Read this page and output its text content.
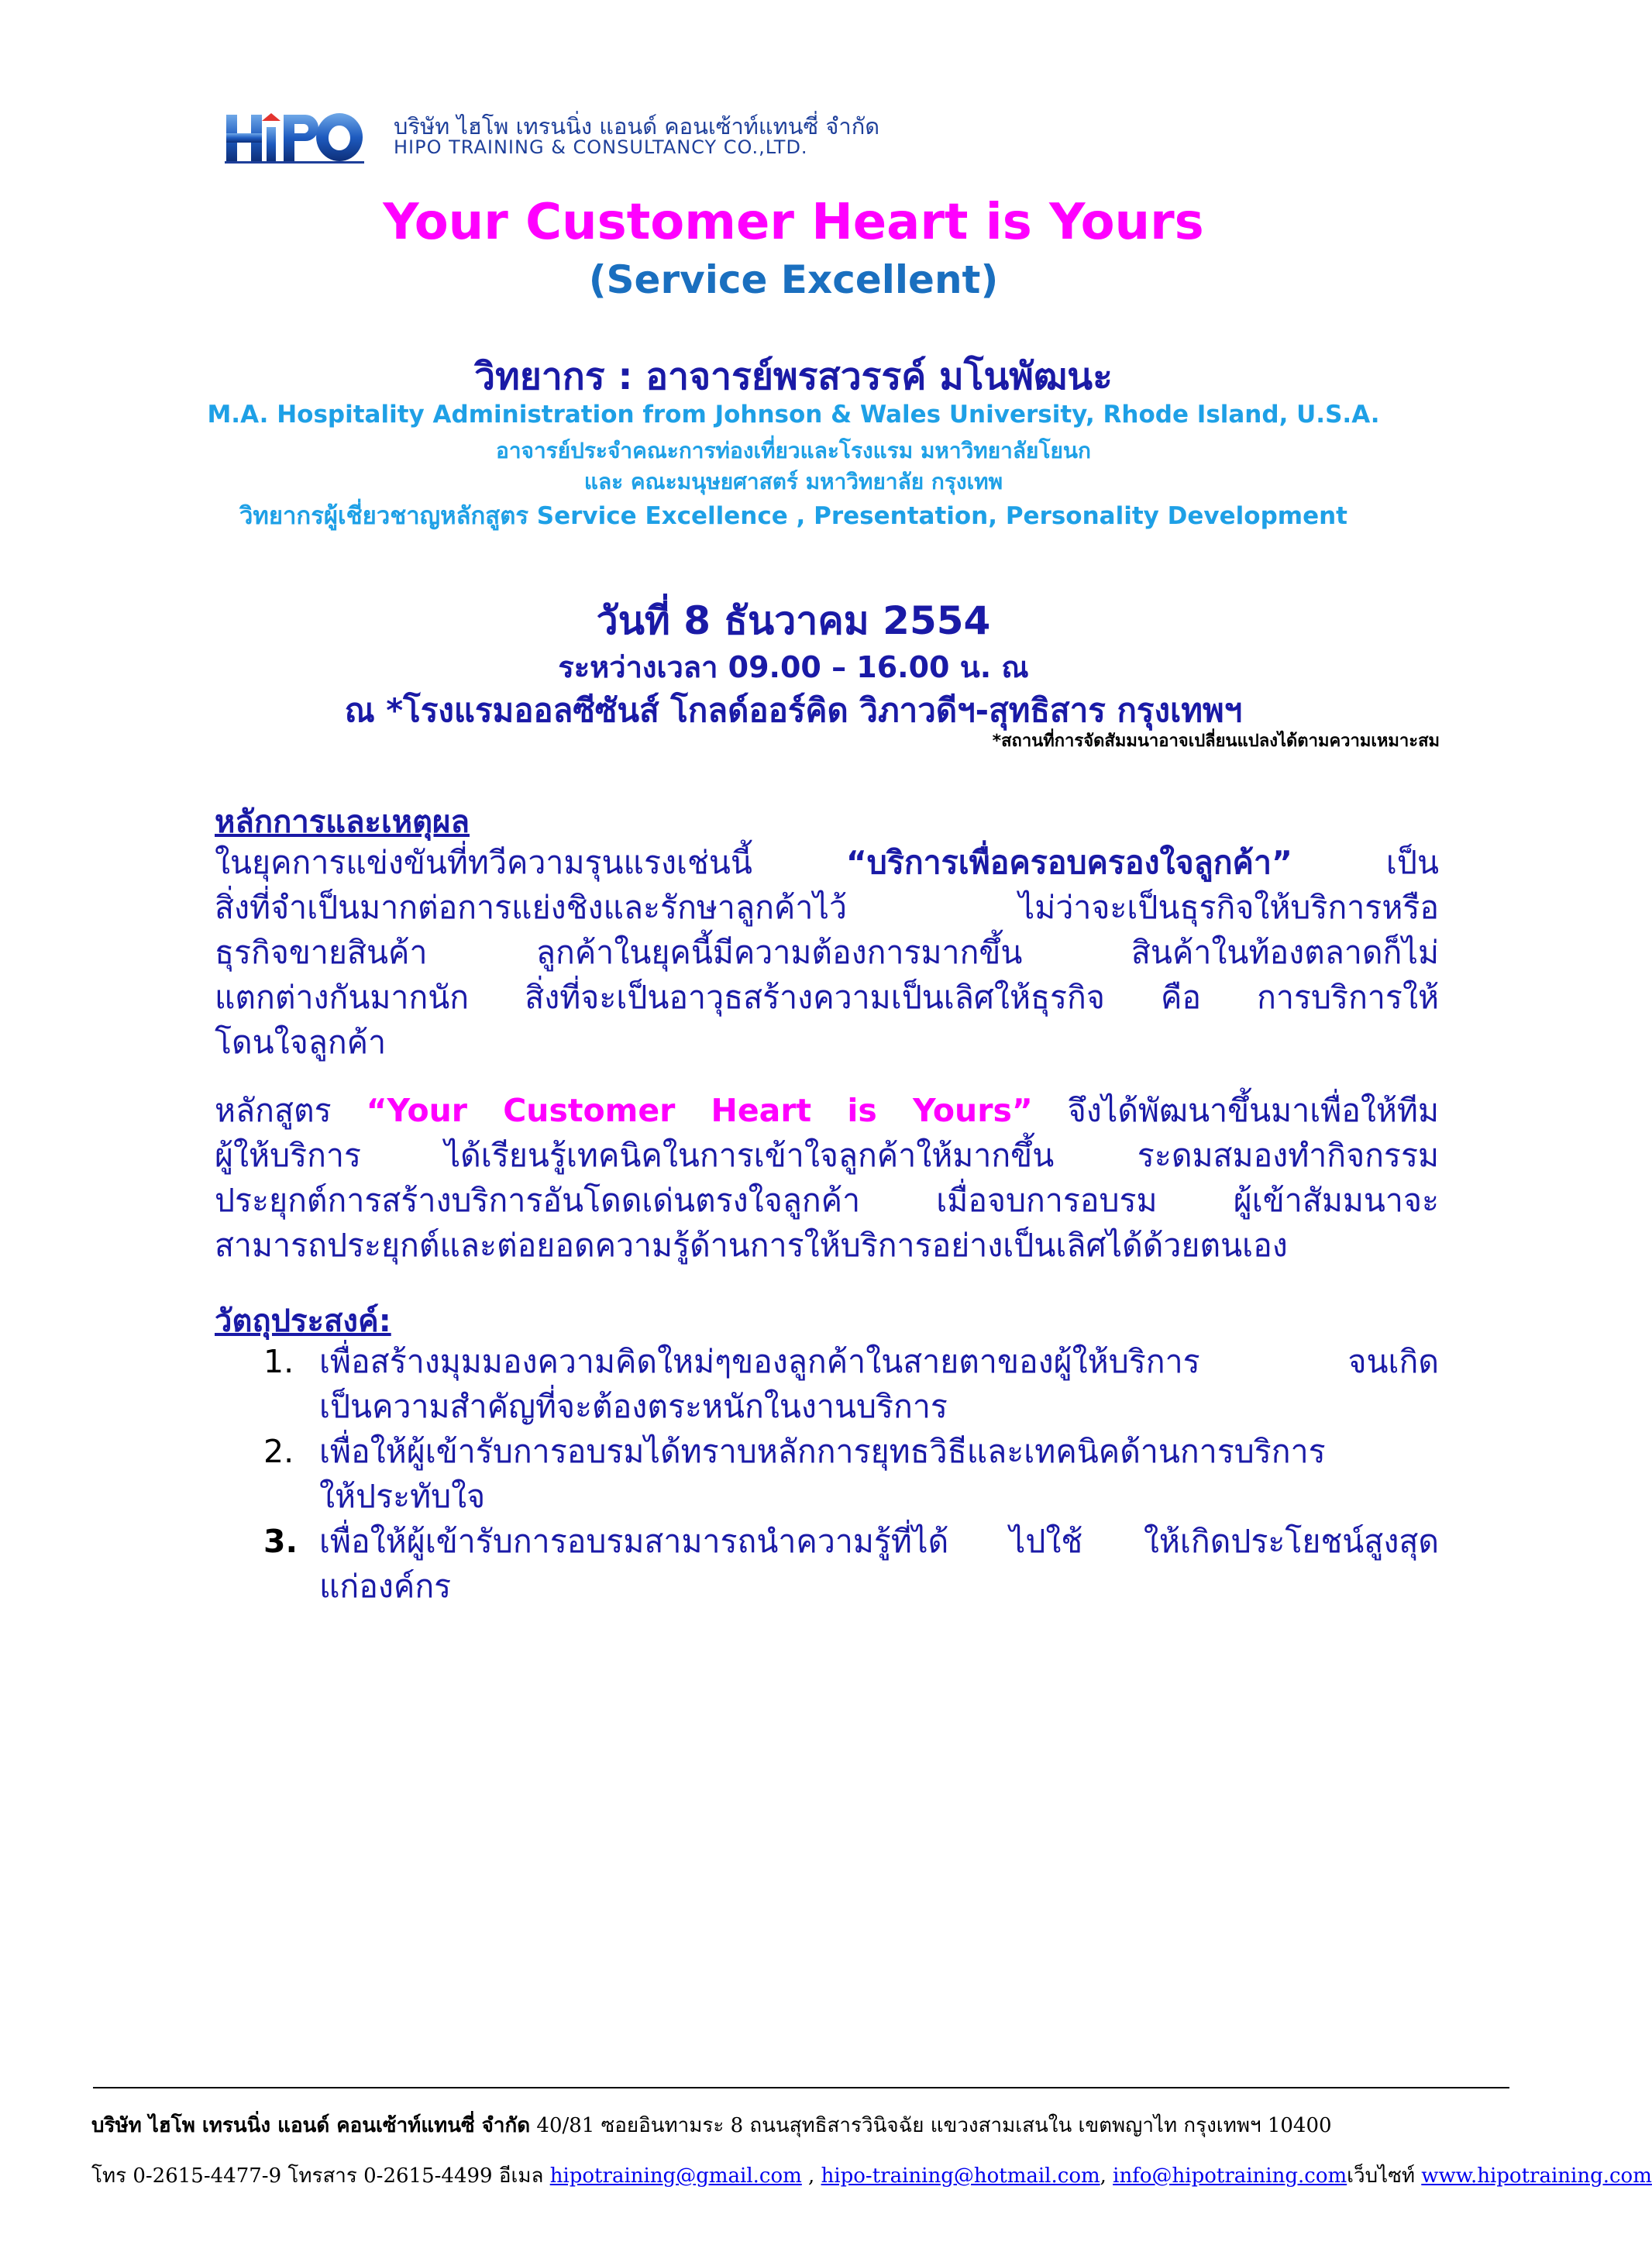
บริษัท ไฮโพ เทรนนิ่ง แอนด์ คอนเซ้าท์แทนซี่ จำกัด
HIPO TRAINING & CONSULTANCY CO.,LTD.
Your Customer Heart is Yours
(Service Excellent)
วิทยากร : อาจารย์พรสวรรค์ มโนพัฒนะ
M.A. Hospitality Administration from Johnson & Wales University, Rhode Island, U.S.A.
อาจารย์ประจำคณะการท่องเที่ยวและโรงแรม มหาวิทยาลัยโยนก
และ คณะมนุษยศาสตร์ มหาวิทยาลัย กรุงเทพ
วิทยากรผู้เชี่ยวชาญหลักสูตร Service Excellence , Presentation, Personality Development
วันที่ 8 ธันวาคม 2554
ระหว่างเวลา 09.00 – 16.00 น. ณ
ณ *โรงแรมออลซีซันส์ โกลด์ออร์คิด วิภาวดีฯ-สุทธิสาร กรุงเทพฯ
*สถานที่การจัดสัมมนาอาจเปลี่ยนแปลงได้ตามความเหมาะสม
หลักการและเหตุผล
ในยุคการแข่งขันที่ทวีความรุนแรงเช่นนี้ “บริการเพื่อครอบครองใจลูกค้า” เป็น
สิ่งที่จำเป็นมากต่อการแย่งชิงและรักษาลูกค้าไว้ ไม่ว่าจะเป็นธุรกิจให้บริการหรือ
ธุรกิจขายสินค้า ลูกค้าในยุคนี้มีความต้องการมากขึ้น สินค้าในท้องตลาดก็ไม่
แตกต่างกันมากนัก สิ่งที่จะเป็นอาวุธสร้างความเป็นเลิศให้ธุรกิจ คือ การบริการให้
โดนใจลูกค้า
หลักสูตร “Your Customer Heart is Yours” จึงได้พัฒนาขึ้นมาเพื่อให้ทีม
ผู้ให้บริการ ได้เรียนรู้เทคนิคในการเข้าใจลูกค้าให้มากขึ้น ระดมสมองทำกิจกรรม
ประยุกต์การสร้างบริการอันโดดเด่นตรงใจลูกค้า เมื่อจบการอบรม ผู้เข้าสัมมนาจะ
สามารถประยุกต์และต่อยอดความรู้ด้านการให้บริการอย่างเป็นเลิศได้ด้วยตนเอง
วัตถุประสงค์:
1. เพื่อสร้างมุมมองความคิดใหม่ๆของลูกค้าในสายตาของผู้ให้บริการ จนเกิด
เป็นความสำคัญที่จะต้องตระหนักในงานบริการ
2. เพื่อให้ผู้เข้ารับการอบรมได้ทราบหลักการยุทธวิธีและเทคนิคด้านการบริการ
ให้ประทับใจ
3. เพื่อให้ผู้เข้ารับการอบรมสามารถนำความรู้ที่ได้ ไปใช้ ให้เกิดประโยชน์สูงสุด
แก่องค์กร
บริษัท ไฮโพ เทรนนิ่ง แอนด์ คอนเซ้าท์แทนซี่ จำกัด 40/81 ซอยอินทามระ 8 ถนนสุทธิสารวินิจฉัย แขวงสามเสนใน เขตพญาไท กรุงเทพฯ 10400
โทร 0-2615-4477-9 โทรสาร 0-2615-4499 อีเมล hipotraining@gmail.com , hipo-training@hotmail.com, info@hipotraining.comเว็บไซท์ www.hipotraining.com
